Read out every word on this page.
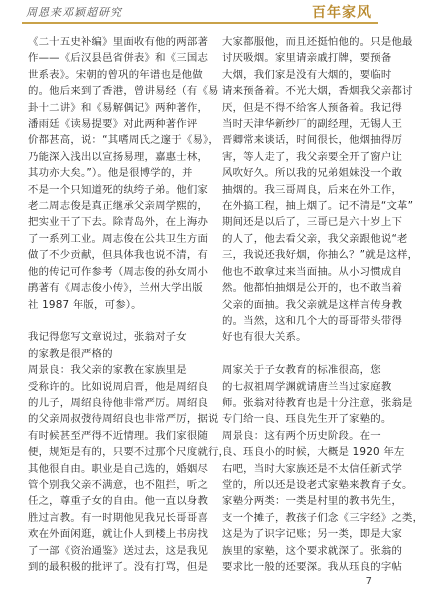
周恩来邓颖超研究	百年家风
《二十五史补编》里面收有他的两部著
作——《后汉县邑省併表》和《三国志
世系表》。宋朝的曾巩的年谱也是他做
的。他后来到了香港，曾讲易经（有《易
卦十二讲》和《易解偶记》两种著作，
潘雨廷《读易提要》对此两种著作评
价都甚高，说：“其嗜周氏之邃于《易》，
乃能深入浅出以宣扬易理，嘉惠士林，
其功亦大矣。”）。他是很博学的，并
不是一个只知道死的纨绔子弟。他们家
老二周志俊是真正继承父亲周学熙的，
把实业干了下去。除青岛外，在上海办
了一系列工业。周志俊在公共卫生方面
做了不少贡献，但具体我也说不清，有
他的传记可作参考（周志俊的孙女周小
鹃著有《周志俊小传》，兰州大学出版
社 1987 年版，可参）。

我记得您写文章说过，张翁对子女
的家教是很严格的
周景良：我父亲的家教在家族里是
受称许的。比如说周启晋，他是周绍良
的儿子，周绍良待他非常严厉。周绍良
的父亲周叔弢待周绍良也非常严厉，据说
有时候甚至严得不近情理。我们家很随
便，规矩是有的，只要不过那个尺度就行，
其他很自由。职业是自己选的，婚姻尽
管个别我父亲不满意，也不阻拦，听之
任之，尊重子女的自由。他一直以身教
胜过言教。有一时期他见我兄长哥哥喜
欢在外面闲逛，就让仆人到楼上书房找
了一部《资治通鉴》送过去，这是我见
到的最积极的批评了。没有打骂，但是
大家都服他，而且还挺怕他的。只是他最
讨厌吸烟。家里请亲戚打牌，要预备
大烟，我们家是没有大烟的，要临时
请来预备着。不光大烟，香烟我父亲都讨
厌，但是不得不给客人预备着。我记得
当时天津华新纱厂的副经理，无锡人王
晋卿常来谈话，时间很长，他烟抽得厉
害，等人走了，我父亲要全开了窗户让
风吹好久。所以我的兄弟姐妹没一个敢
抽烟的。我三哥周良，后来在外工作，
在外搞工程，抽上烟了。记不清是“文革”
期间还是以后了，三哥已是六十岁上下
的人了，他去看父亲，我父亲跟他说“老
三，我说还我好烟，你抽么？”就是这样，
他也不敢拿过来当面抽。从小习惯成自
然。他都怕抽烟是公开的，也不敢当着
父亲的面抽。我父亲就是这样言传身教
的。当然，这和几个大的哥哥带头带得
好也有很大关系。

周家关于子女教育的标准很高，您
的七叔祖周学渊就请唐兰当过家庭教
师。张翁对待教育也是十分注意，张翁是
专门给一良、珏良先生开了家塾的。
周景良：这有两个历史阶段。在一
良、珏良小的时候，大概是 1920 年左
右吧，当时大家族还是不太信任新式学
堂的，所以还是设老式家塾来教育子女。
家塾分两类：一类是村里的教书先生，
支一个摊子，教孩子们念《三字经》之类，
这是为了识字记账；另一类，即是大家
族里的家塾，这个要求就深了。张翁的
要求比一般的还要深。我从珏良的字帖
7
